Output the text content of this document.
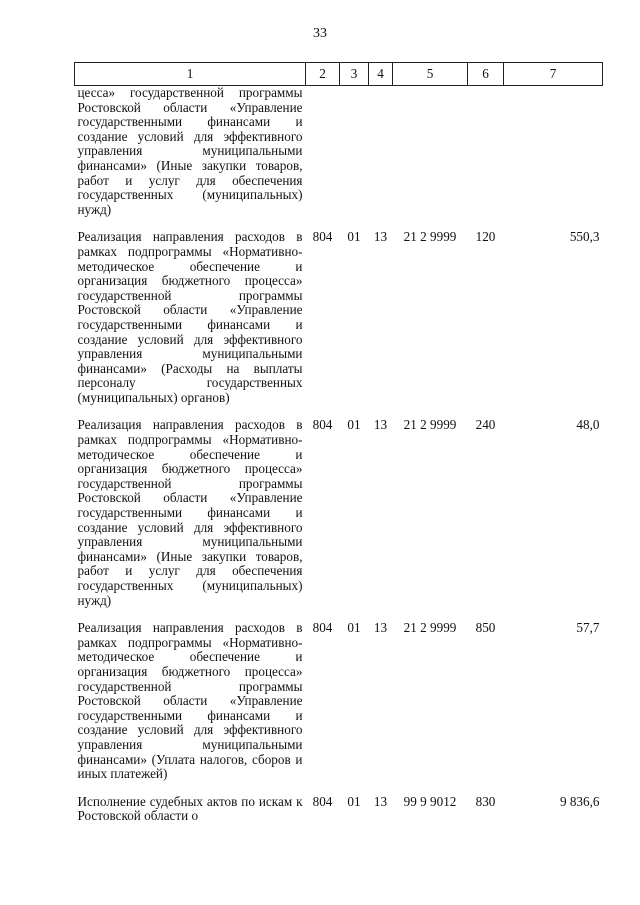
33
1	2	3	4	5	6	7
цесса» государственной программы Ростовской области «Управление государственными финансами и создание условий для эффективного управления муниципальными финансами» (Иные закупки товаров, работ и услуг для обеспечения государственных (муниципальных) нужд)						
Реализация направления расходов в рамках подпрограммы «Нормативно-методическое обеспечение и организация бюджетного процесса» государственной программы Ростовской области «Управление государственными финансами и создание условий для эффективного управления муниципальными финансами» (Расходы на выплаты персоналу государственных (муниципальных) органов)	804	01	13	21 2 9999	120	550,3
Реализация направления расходов в рамках подпрограммы «Нормативно-методическое обеспечение и организация бюджетного процесса» государственной программы Ростовской области «Управление государственными финансами и создание условий для эффективного управления муниципальными финансами» (Иные закупки товаров, работ и услуг для обеспечения государственных (муниципальных) нужд)	804	01	13	21 2 9999	240	48,0
Реализация направления расходов в рамках подпрограммы «Нормативно-методическое обеспечение и организация бюджетного процесса» государственной программы Ростовской области «Управление государственными финансами и создание условий для эффективного управления муниципальными финансами» (Уплата налогов, сборов и иных платежей)	804	01	13	21 2 9999	850	57,7
Исполнение судебных актов по искам к Ростовской области о	804	01	13	99 9 9012	830	9 836,6
